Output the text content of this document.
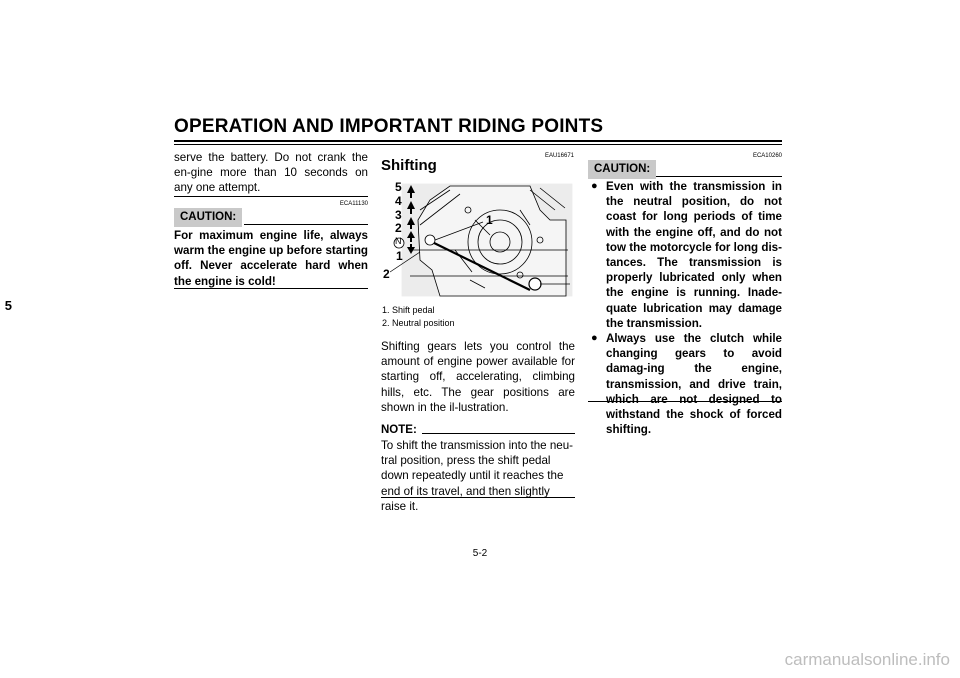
OPERATION AND IMPORTANT RIDING POINTS
5
serve the battery. Do not crank the en-gine more than 10 seconds on any one attempt.
ECA11130
CAUTION:
For maximum engine life, always warm the engine up before starting off. Never accelerate hard when the engine is cold!
EAU16671
Shifting
5
4
3
2
N
1
1
2
1. Shift pedal
2. Neutral position
Shifting gears lets you control the amount of engine power available for starting off, accelerating, climbing hills, etc. The gear positions are shown in the il-lustration.
NOTE:
To shift the transmission into the neu-tral position, press the shift pedal down repeatedly until it reaches the end of its travel, and then slightly raise it.
ECA10260
CAUTION:
● Even with the transmission in the neutral position, do not coast for long periods of time with the engine off, and do not tow the motorcycle for long dis-tances. The transmission is properly lubricated only when the engine is running. Inade-quate lubrication may damage the transmission.
● Always use the clutch while changing gears to avoid damag-ing the engine, transmission, and drive train, which are not designed to withstand the shock of forced shifting.
5-2
carmanualsonline.info
